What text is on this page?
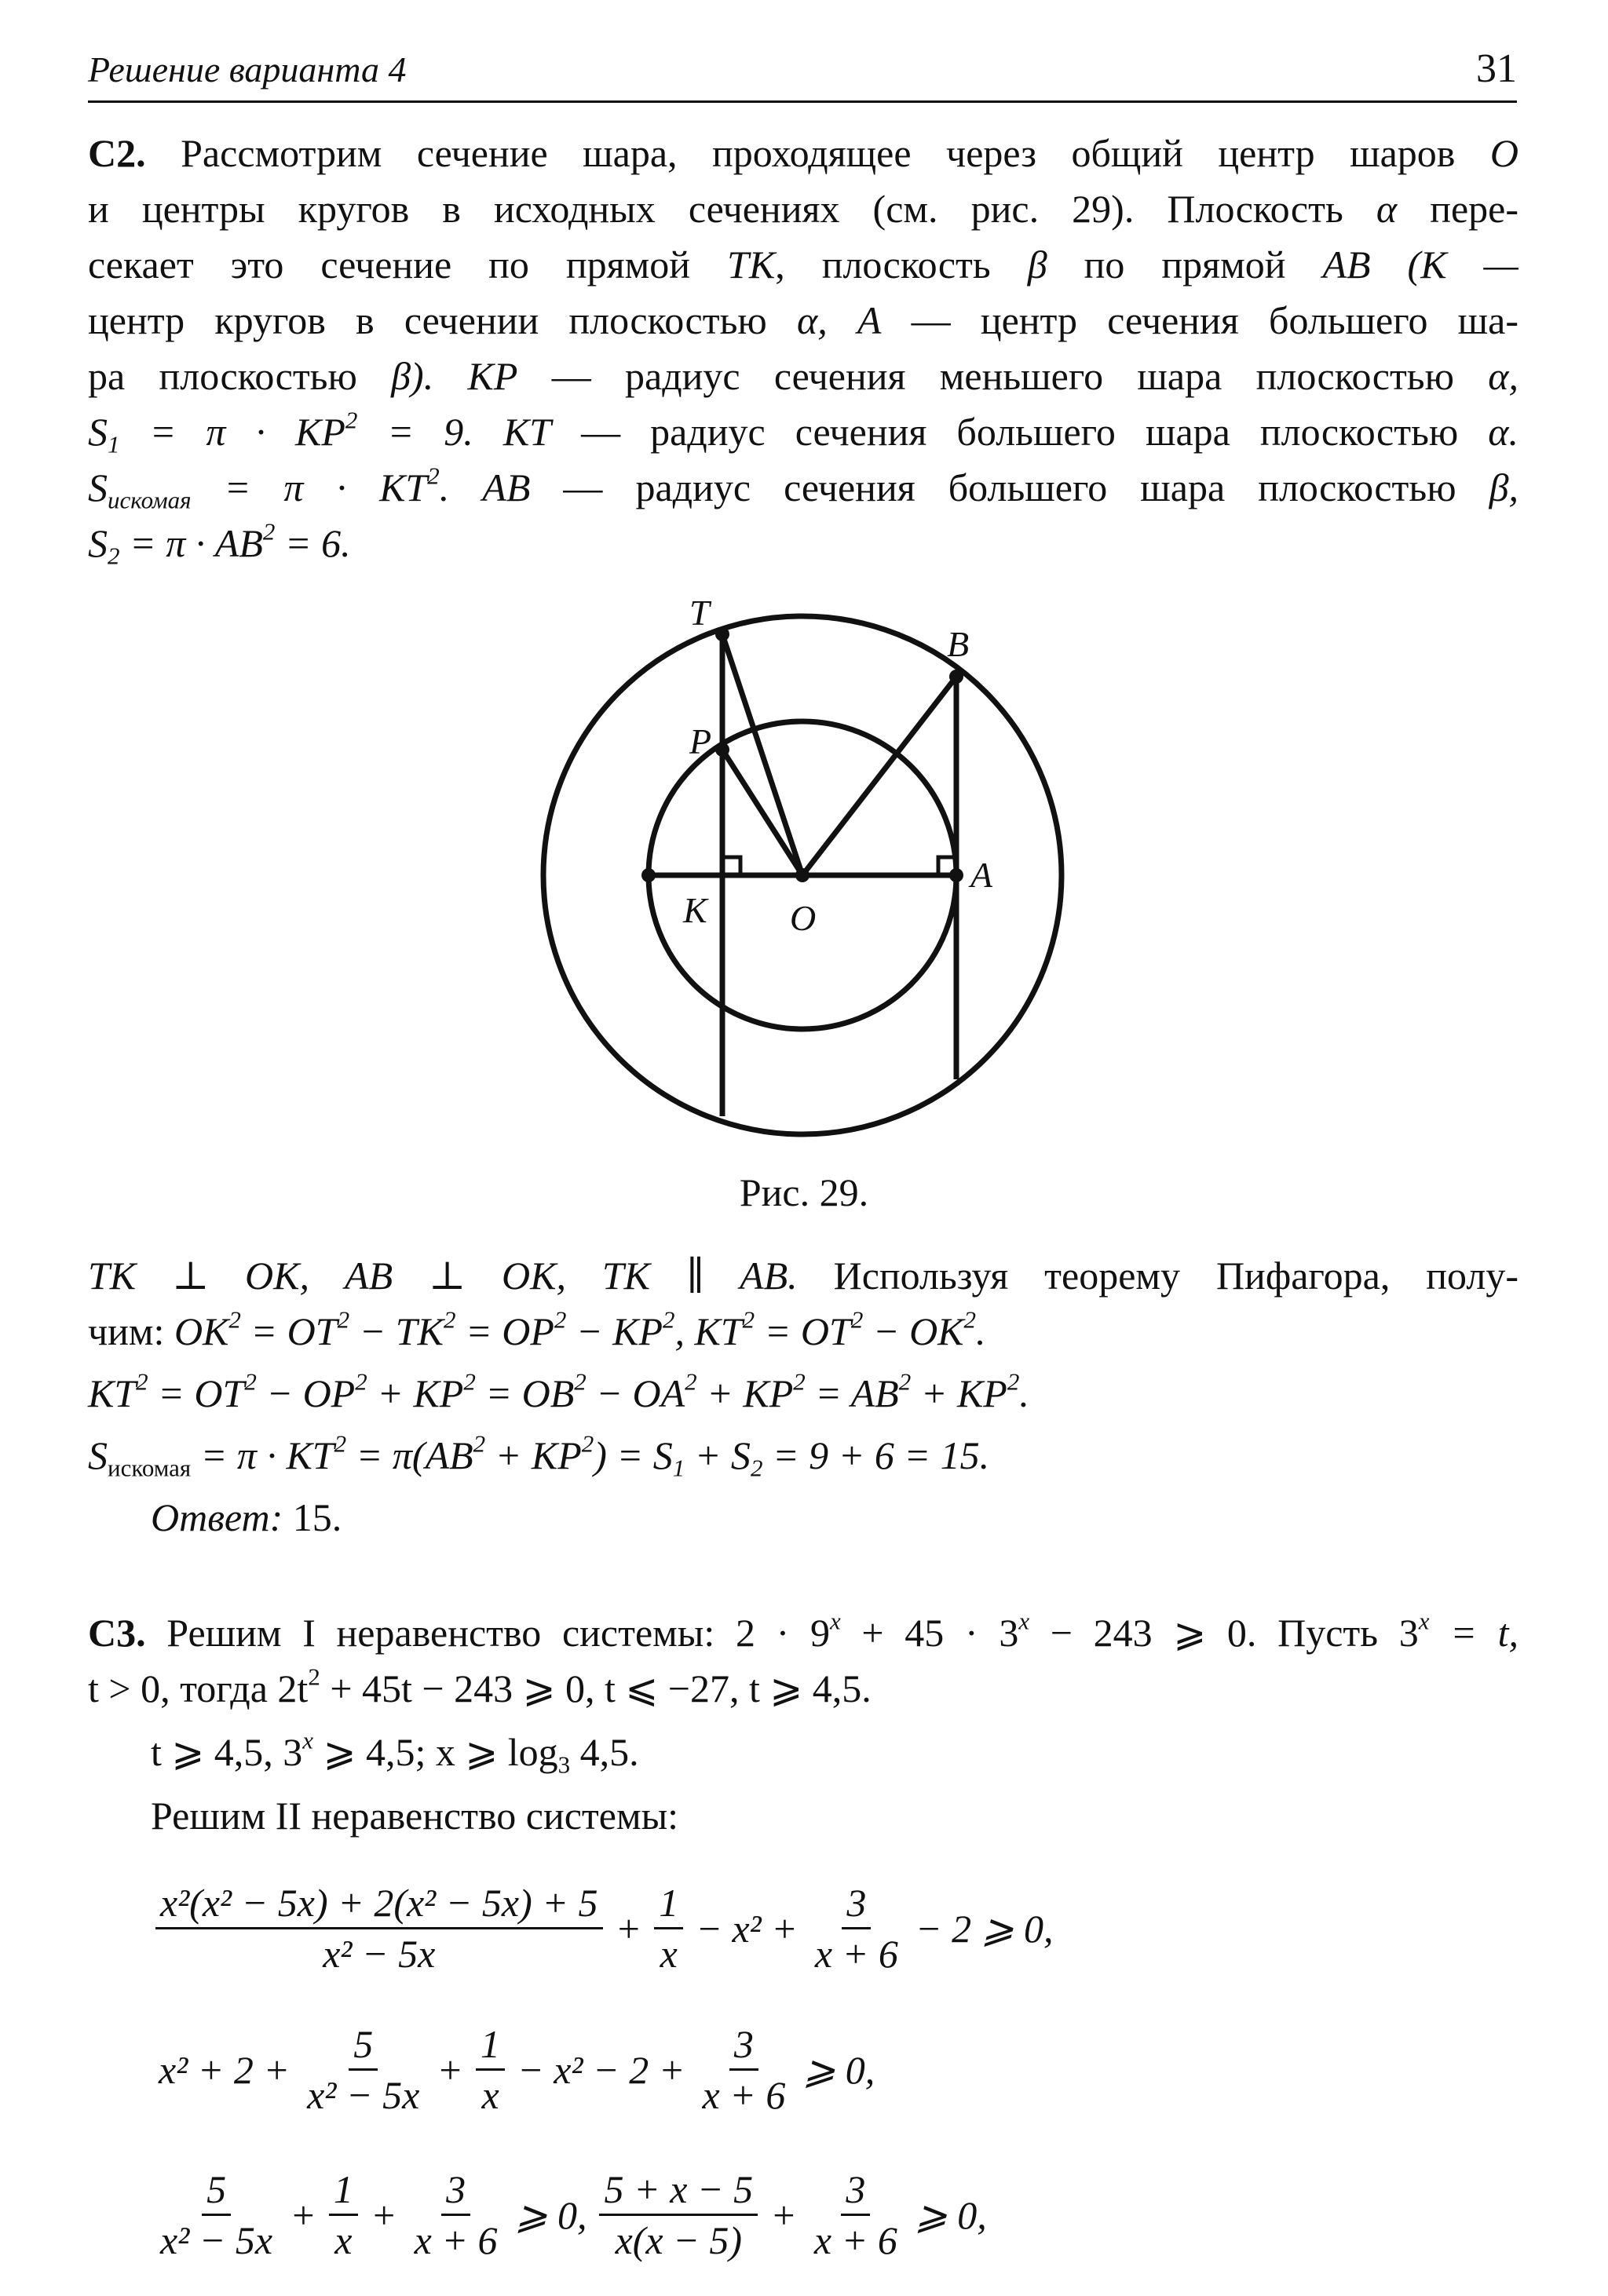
Решение варианта 4	31
С2. Рассмотрим сечение шара, проходящее через общий центр шаров O
и центры кругов в исходных сечениях (см. рис. 29). Плоскость α пере-
секает это сечение по прямой TK, плоскость β по прямой AB (K —
центр кругов в сечении плоскостью α, A — центр сечения большего ша-
ра плоскостью β). KP — радиус сечения меньшего шара плоскостью α,
$S_1 = \pi \cdot KP^2 = 9$. KT — радиус сечения большего шара плоскостью α.
$S_{искомая} = \pi \cdot KT^2$. AB — радиус сечения большего шара плоскостью β,
$S_2 = \pi \cdot AB^2 = 6$.
T
B
P
K O
A
Рис. 29.
TK ⊥ OK, AB ⊥ OK, TK ∥ AB. Используя теорему Пифагора, полу-
чим: $OK^2 = OT^2 - TK^2 = OP^2 - KP^2$, $KT^2 = OT^2 - OK^2$.
$KT^2 = OT^2 - OP^2 + KP^2 = OB^2 - OA^2 + KP^2 = AB^2 + KP^2$.
$S_{искомая} = \pi \cdot KT^2 = \pi(AB^2 + KP^2) = S_1 + S_2 = 9 + 6 = 15$.
Ответ: 15.
С3. Решим I неравенство системы: $2 \cdot 9^x + 45 \cdot 3^x - 243$ ⩾ 0. Пусть $3^x = t$,
t > 0, тогда $2t^2 + 45t - 243$ ⩾ 0, t ⩽ −27, t ⩾ 4,5.
t ⩾ 4,5, 3$^x$ ⩾ 4,5; x ⩾ $\log_3 4,5$.
Решим II неравенство системы:
$\frac{\text{x²(x² − 5x) + 2(x² − 5x) + 5}}{\text{x² − 5x}} + \frac{1}{x} - x^2 + \frac{3}{x + 6} - 2$ ⩾ 0,
$x^2 + 2 + \frac{5}{\text{x² − 5x}} + \frac{1}{x} - x^2 - 2 + \frac{3}{x + 6}$ ⩾ 0,
$\frac{5}{\text{x² − 5x}} + \frac{1}{x} + \frac{3}{x + 6}$ ⩾ 0, $\frac{5 + x - 5}{x(x - 5)} + \frac{3}{x + 6}$ ⩾ 0,
